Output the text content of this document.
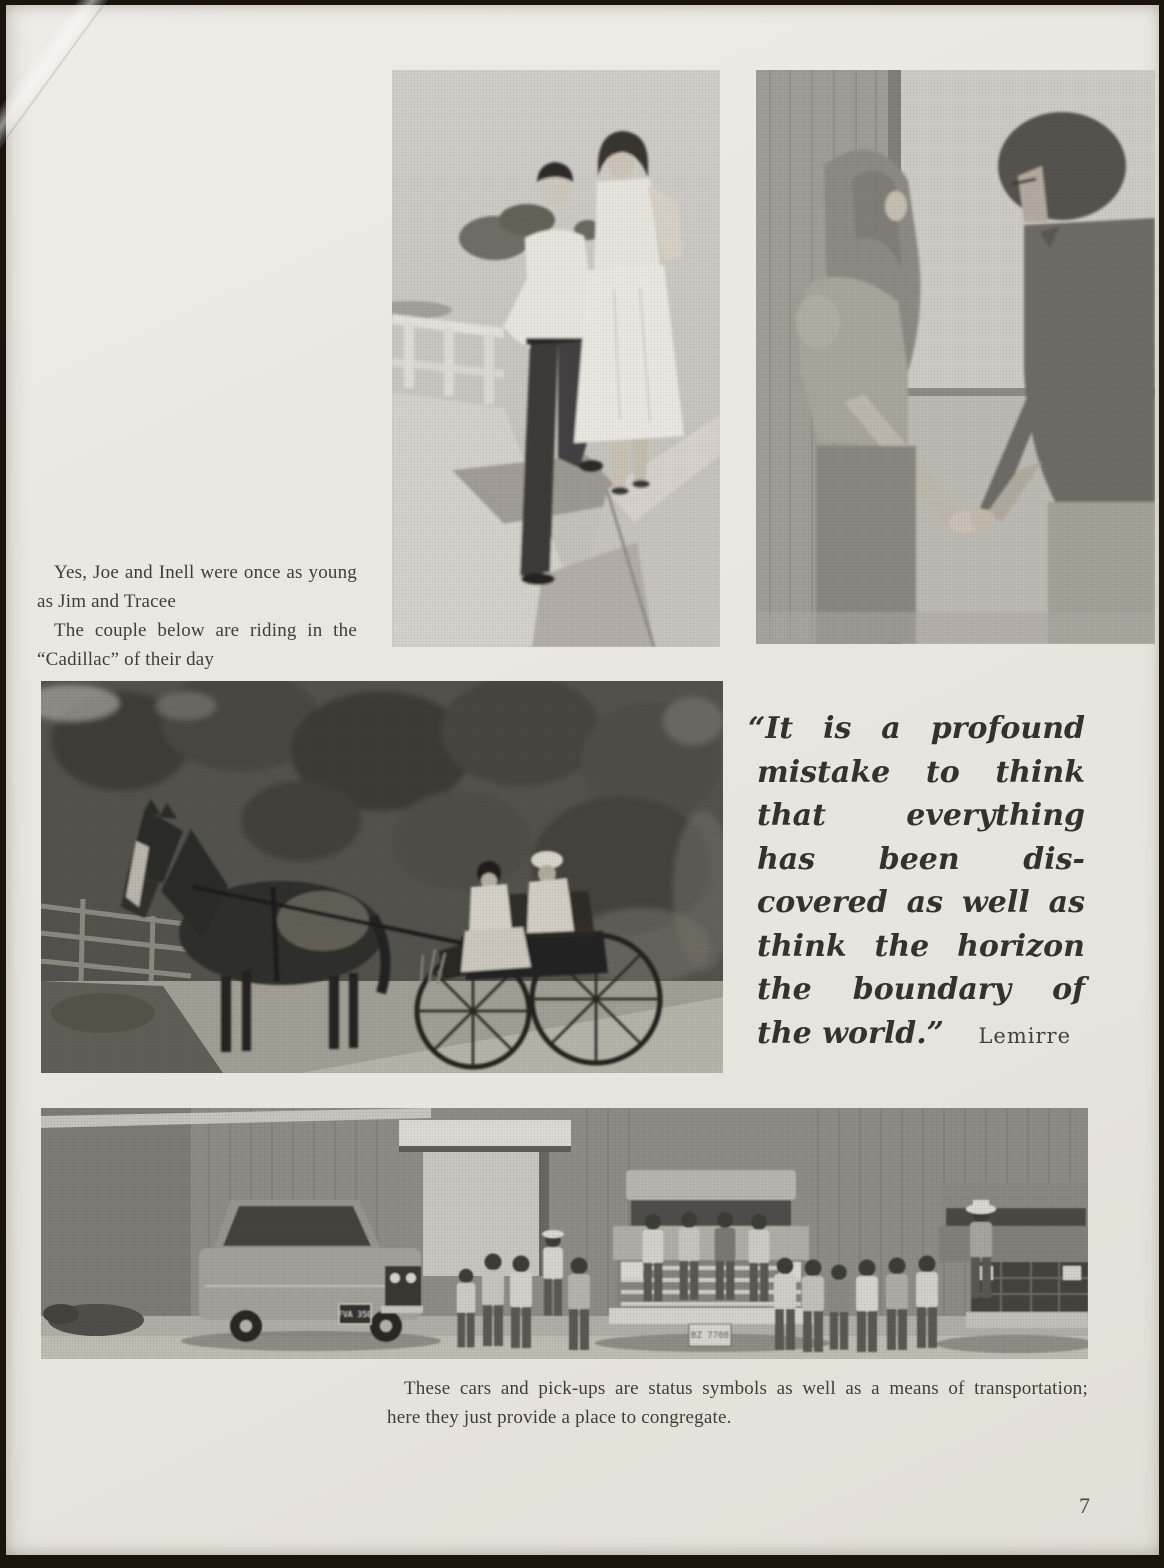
Yes, Joe and Inell were once as young
as Jim and Tracee
The couple below are riding in the
“Cadillac” of their day
“It is a profound
mistake to think
that everything
has been dis-
covered as well as
think the horizon
the boundary of
the world.” Lemirre
FVA 350
BZ 7708
These cars and pick-ups are status symbols as well as a means of transportation;
here they just provide a place to congregate.
7
